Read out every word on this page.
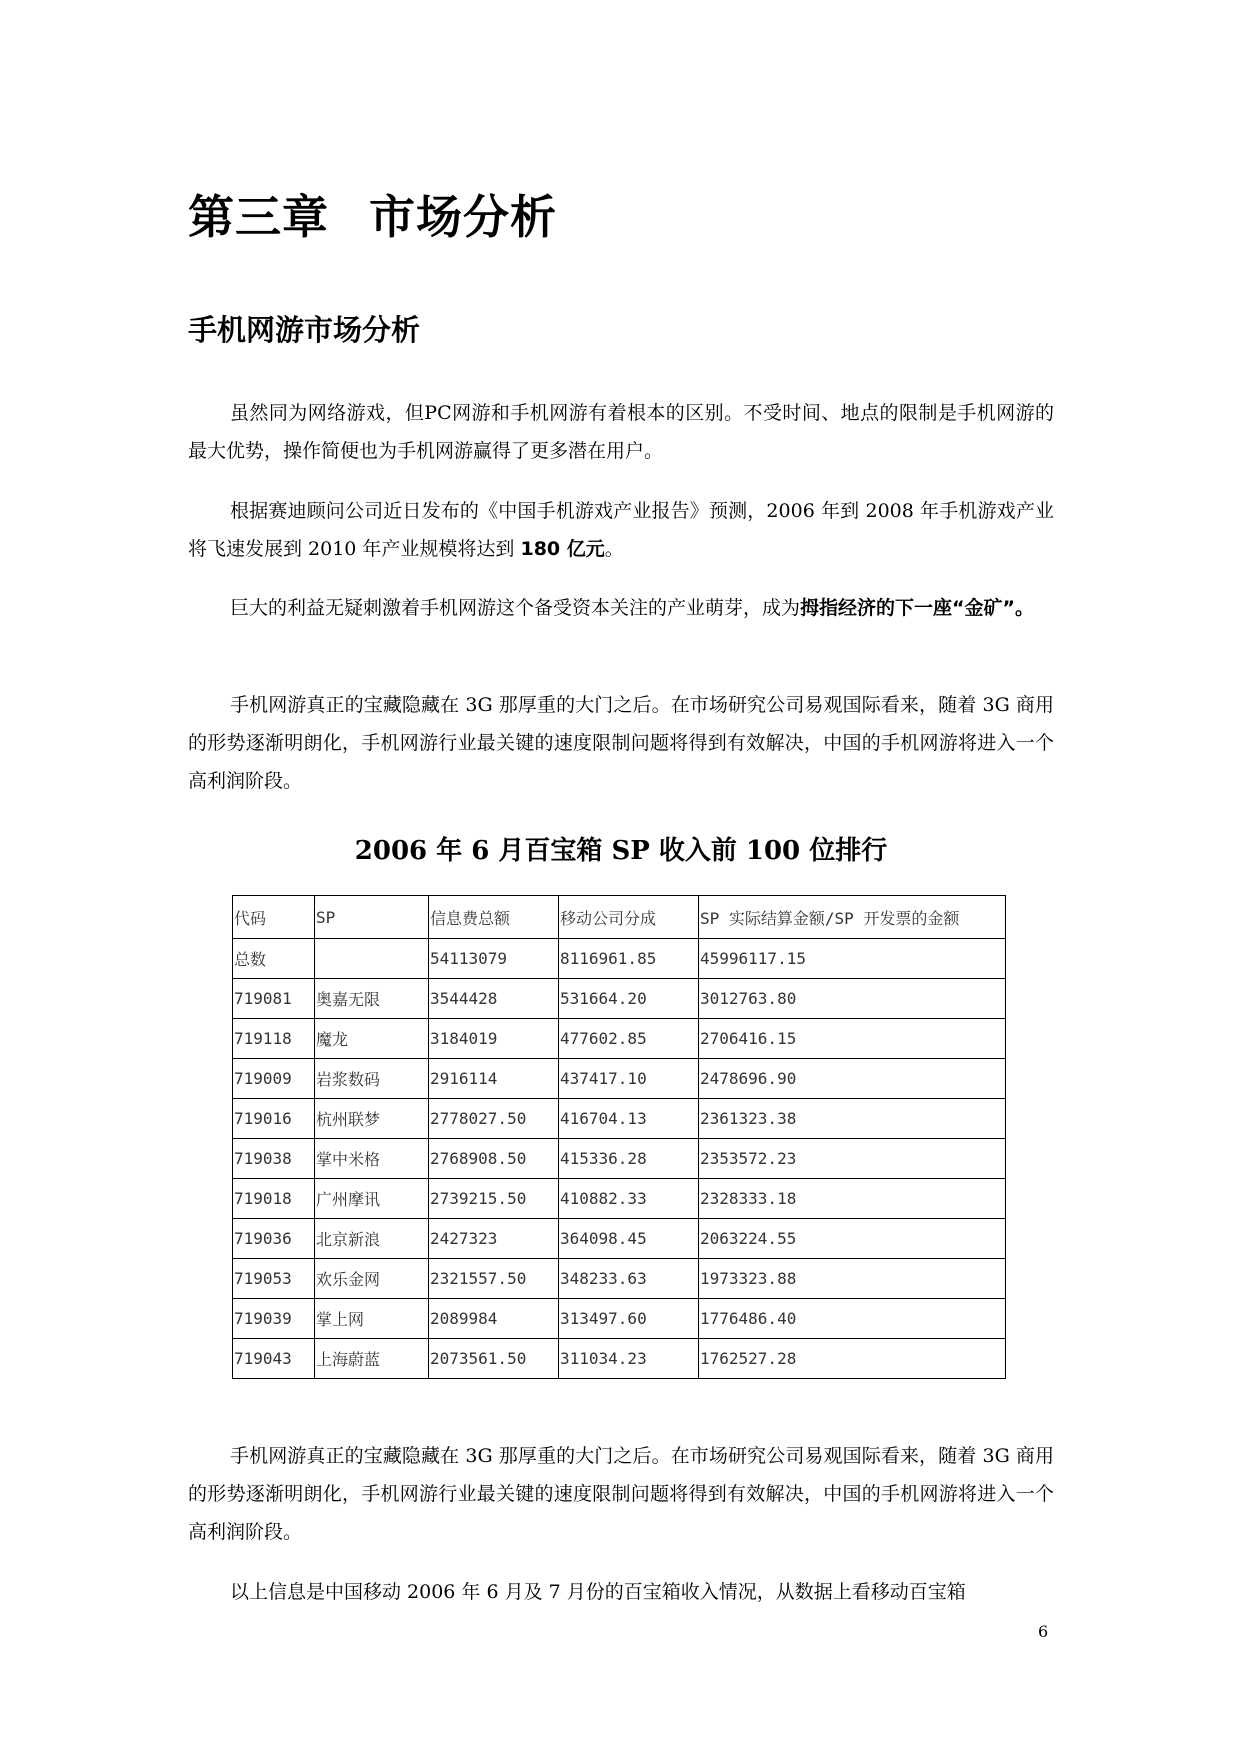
第三章 市场分析
手机网游市场分析

虽然同为网络游戏，但PC网游和手机网游有着根本的区别。不受时间、地点的限制是手机网游的最大优势，操作简便也为手机网游赢得了更多潜在用户。

根据赛迪顾问公司近日发布的《中国手机游戏产业报告》预测，2006 年到 2008 年手机游戏产业将飞速发展到 2010 年产业规模将达到 180 亿元。

巨大的利益无疑刺激着手机网游这个备受资本关注的产业萌芽，成为拇指经济的下一座“金矿”。

手机网游真正的宝藏隐藏在 3G 那厚重的大门之后。在市场研究公司易观国际看来，随着 3G 商用的形势逐渐明朗化，手机网游行业最关键的速度限制问题将得到有效解决，中国的手机网游将进入一个高利润阶段。

2006 年 6 月百宝箱 SP 收入前 100 位排行
代码	SP	信息费总额	移动公司分成	SP 实际结算金额/SP 开发票的金额
总数		54113079	8116961.85	45996117.15
719081	奥嘉无限	3544428	531664.20	3012763.80
719118	魔龙	3184019	477602.85	2706416.15
719009	岩浆数码	2916114	437417.10	2478696.90
719016	杭州联梦	2778027.50	416704.13	2361323.38
719038	掌中米格	2768908.50	415336.28	2353572.23
719018	广州摩讯	2739215.50	410882.33	2328333.18
719036	北京新浪	2427323	364098.45	2063224.55
719053	欢乐金网	2321557.50	348233.63	1973323.88
719039	掌上网	2089984	313497.60	1776486.40
719043	上海蔚蓝	2073561.50	311034.23	1762527.28

手机网游真正的宝藏隐藏在 3G 那厚重的大门之后。在市场研究公司易观国际看来，随着 3G 商用的形势逐渐明朗化，手机网游行业最关键的速度限制问题将得到有效解决，中国的手机网游将进入一个高利润阶段。

以上信息是中国移动 2006 年 6 月及 7 月份的百宝箱收入情况，从数据上看移动百宝箱

6
